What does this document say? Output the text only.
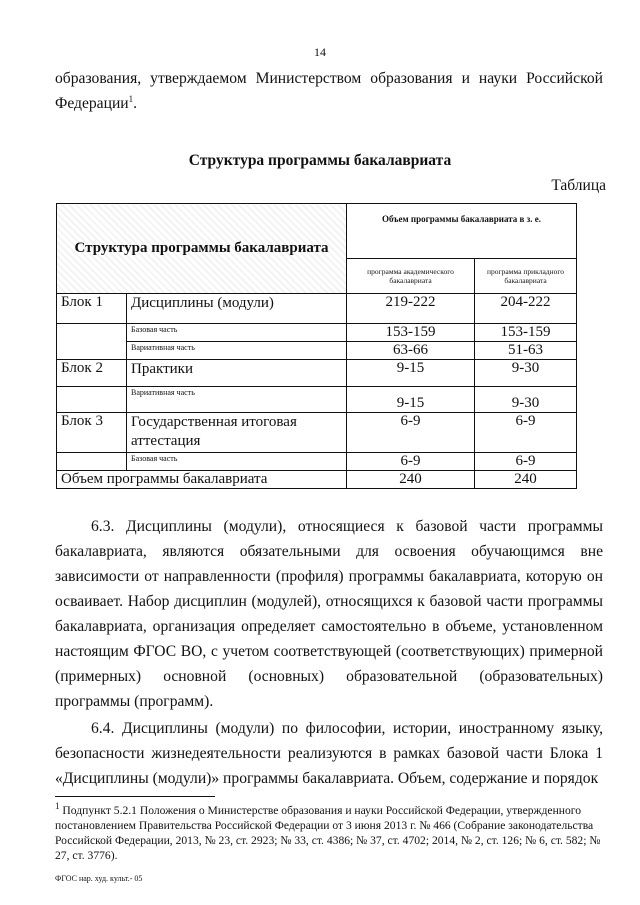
14

образования, утверждаемом Министерством образования и науки Российской Федерации$^1$.

Структура программы бакалавриата
Таблица
Структура программы бакалавриата		Объем программы бакалавриата в з. е.	
		программа академического бакалавриата	программа прикладного бакалавриата
Блок 1	Дисциплины (модули)	219-222	204-222
	Базовая часть	153-159	153-159
	Вариативная часть	63-66	51-63
Блок 2	Практики	9-15	9-30
	Вариативная часть	9-15	9-30
Блок 3	Государственная итоговая аттестация	6-9	6-9
	Базовая часть	6-9	6-9
Объем программы бакалавриата		240	240

6.3. Дисциплины (модули), относящиеся к базовой части программы бакалавриата, являются обязательными для освоения обучающимся вне зависимости от направленности (профиля) программы бакалавриата, которую он осваивает. Набор дисциплин (модулей), относящихся к базовой части программы бакалавриата, организация определяет самостоятельно в объеме, установленном настоящим ФГОС ВО, с учетом соответствующей (соответствующих) примерной (примерных) основной (основных) образовательной (образовательных) программы (программ).

6.4. Дисциплины (модули) по философии, истории, иностранному языку, безопасности жизнедеятельности реализуются в рамках базовой части Блока 1 «Дисциплины (модули)» программы бакалавриата. Объем, содержание и порядок

$^1$ Подпункт 5.2.1 Положения о Министерстве образования и науки Российской Федерации, утвержденного постановлением Правительства Российской Федерации от 3 июня 2013 г. № 466 (Собрание законодательства Российской Федерации, 2013, № 23, ст. 2923; № 33, ст. 4386; № 37, ст. 4702; 2014, № 2, ст. 126; № 6, ст. 582; № 27, ст. 3776).
ФГОС нар. худ. культ.- 05
